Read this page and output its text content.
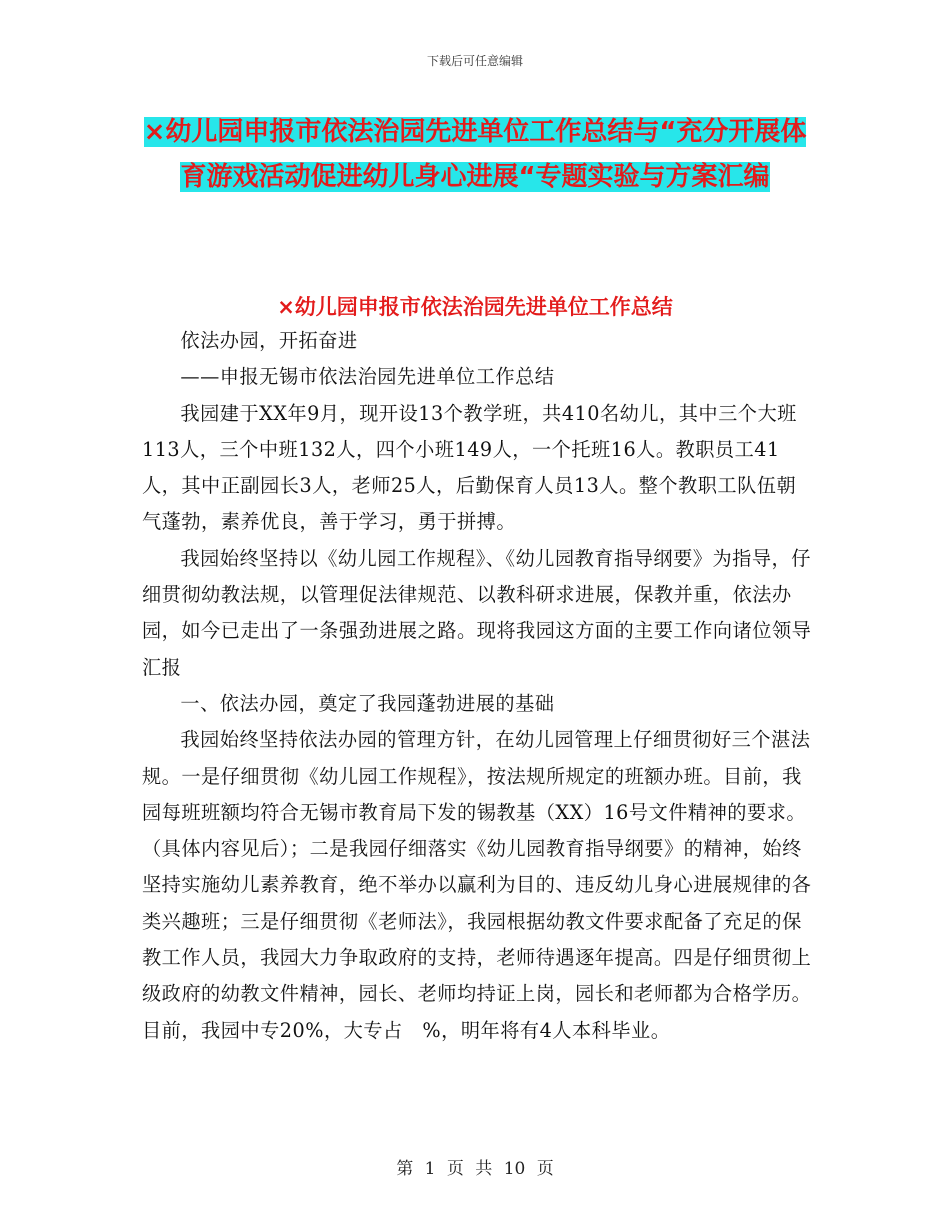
下载后可任意编辑
×幼儿园申报市依法治园先进单位工作总结与“充分开展体育游戏活动促进幼儿身心进展“专题实验与方案汇编
×幼儿园申报市依法治园先进单位工作总结

依法办园，开拓奋进

——申报无锡市依法治园先进单位工作总结

我园建于XX年9月，现开设13个教学班，共410名幼儿，其中三个大班113人，三个中班132人，四个小班149人，一个托班16人。教职员工41人，其中正副园长3人，老师25人，后勤保育人员13人。整个教职工队伍朝气蓬勃，素养优良，善于学习，勇于拼搏。

我园始终坚持以《幼儿园工作规程》、《幼儿园教育指导纲要》为指导，仔细贯彻幼教法规，以管理促法律规范、以教科研求进展，保教并重，依法办园，如今已走出了一条强劲进展之路。现将我园这方面的主要工作向诸位领导汇报

一、依法办园，奠定了我园蓬勃进展的基础

我园始终坚持依法办园的管理方针，在幼儿园管理上仔细贯彻好三个湛法规。一是仔细贯彻《幼儿园工作规程》，按法规所规定的班额办班。目前，我园每班班额均符合无锡市教育局下发的锡教基（XX）16号文件精神的要求。（具体内容见后）；二是我园仔细落实《幼儿园教育指导纲要》的精神，始终坚持实施幼儿素养教育，绝不举办以赢利为目的、违反幼儿身心进展规律的各类兴趣班；三是仔细贯彻《老师法》，我园根据幼教文件要求配备了充足的保教工作人员，我园大力争取政府的支持，老师待遇逐年提高。四是仔细贯彻上级政府的幼教文件精神，园长、老师均持证上岗，园长和老师都为合格学历。目前，我园中专20%，大专占　%，明年将有4人本科毕业。

第 1 页 共 10 页
